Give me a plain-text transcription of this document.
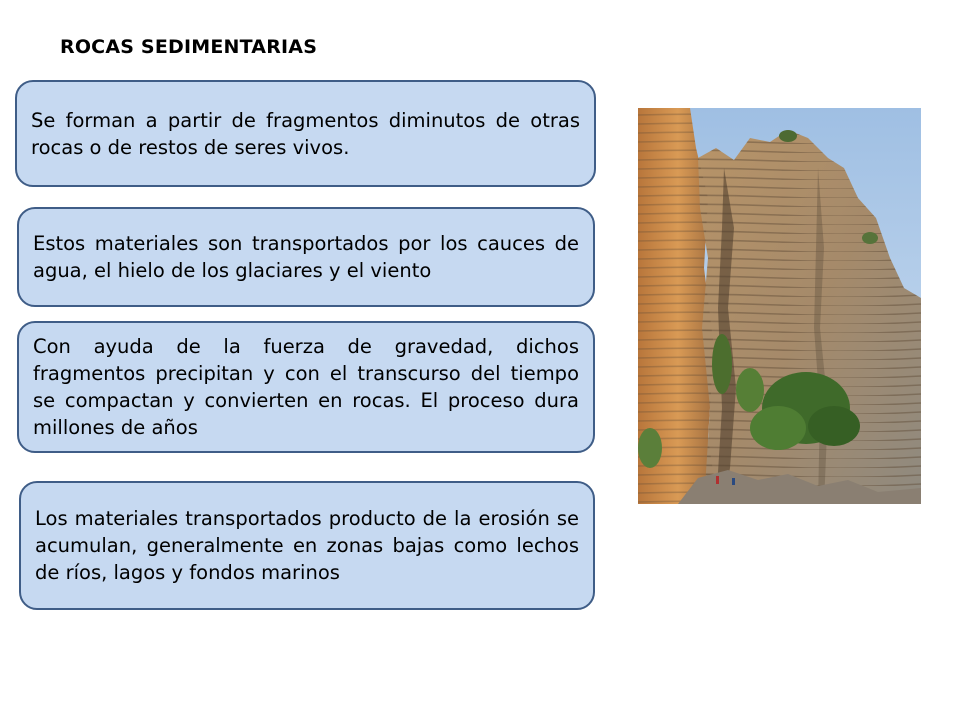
ROCAS SEDIMENTARIAS
Se forman a partir de fragmentos diminutos de otras rocas o de restos de seres vivos.
Estos materiales son transportados por los cauces de agua, el hielo de los glaciares y el viento
Con ayuda de la fuerza de gravedad, dichos fragmentos precipitan y con el transcurso del tiempo se compactan y convierten en rocas. El proceso dura millones de años
Los materiales transportados producto de la erosión se acumulan, generalmente en zonas bajas como lechos de ríos, lagos y fondos marinos
